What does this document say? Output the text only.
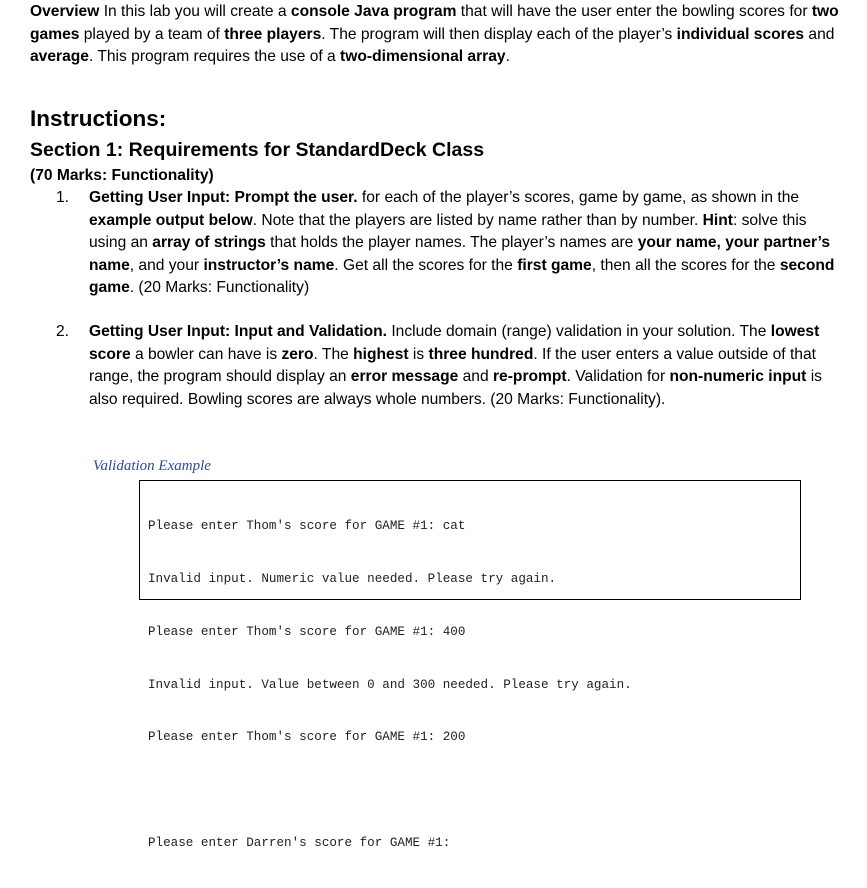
Overview In this lab you will create a console Java program that will have the user enter the bowling scores for two games played by a team of three players. The program will then display each of the player’s individual scores and average. This program requires the use of a two-dimensional array.
Instructions:
Section 1: Requirements for StandardDeck Class
(70 Marks: Functionality)
1.	Getting User Input: Prompt the user. for each of the player’s scores, game by game, as shown in the example output below. Note that the players are listed by name rather than by number. Hint: solve this using an array of strings that holds the player names. The player’s names are your name, your partner’s name, and your instructor’s name. Get all the scores for the first game, then all the scores for the second game. (20 Marks: Functionality)
2.	Getting User Input: Input and Validation. Include domain (range) validation in your solution. The lowest score a bowler can have is zero. The highest is three hundred. If the user enters a value outside of that range, the program should display an error message and re-prompt. Validation for non-numeric input is also required. Bowling scores are always whole numbers. (20 Marks: Functionality).
Validation Example

Please enter Thom's score for GAME #1: cat

Invalid input. Numeric value needed. Please try again.

Please enter Thom's score for GAME #1: 400

Invalid input. Value between 0 and 300 needed. Please try again.

Please enter Thom's score for GAME #1: 200

Please enter Darren's score for GAME #1:
